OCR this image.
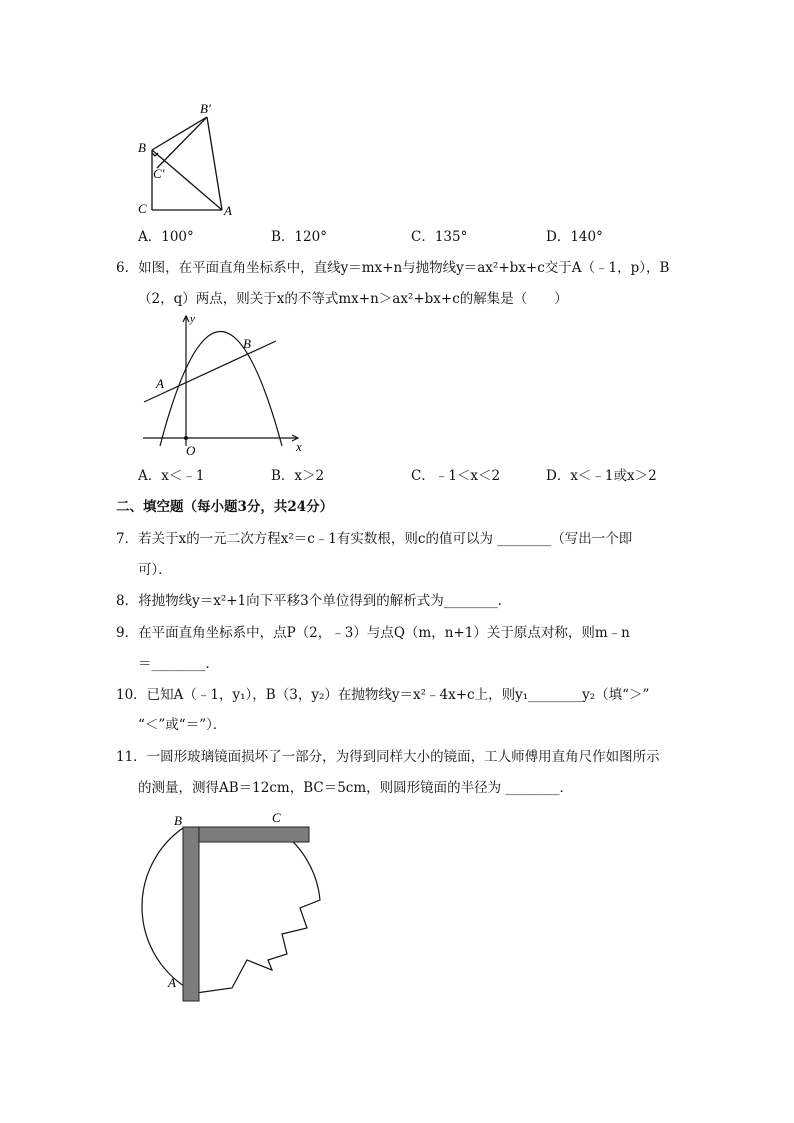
B′
B
C′
C	A
A．100°	B．120°	C．135°	D．140°
6．如图，在平面直角坐标系中，直线y＝mx+n与抛物线y＝ax²+bx+c交于A（﹣1，p），B
（2，q）两点，则关于x的不等式mx+n＞ax²+bx+c的解集是（　　）
y
x
O
A
B
A．x＜﹣1	B．x＞2	C．﹣1＜x＜2	D．x＜﹣1或x＞2
二、填空题（每小题3分，共24分）
7．若关于x的一元二次方程x²＝c﹣1有实数根，则c的值可以为 ________（写出一个即
可）．
8．将抛物线y＝x²+1向下平移3个单位得到的解析式为________．
9．在平面直角坐标系中，点P（2，﹣3）与点Q（m，n+1）关于原点对称，则m﹣n
＝________．
10．已知A（﹣1，y₁），B（3，y₂）在抛物线y＝x²﹣4x+c上，则y₁________y₂（填“＞”
“＜”或“＝”）．
11．一圆形玻璃镜面损坏了一部分，为得到同样大小的镜面，工人师傅用直角尺作如图所示
的测量，测得AB＝12cm，BC＝5cm，则圆形镜面的半径为 ________．
B	C
A
